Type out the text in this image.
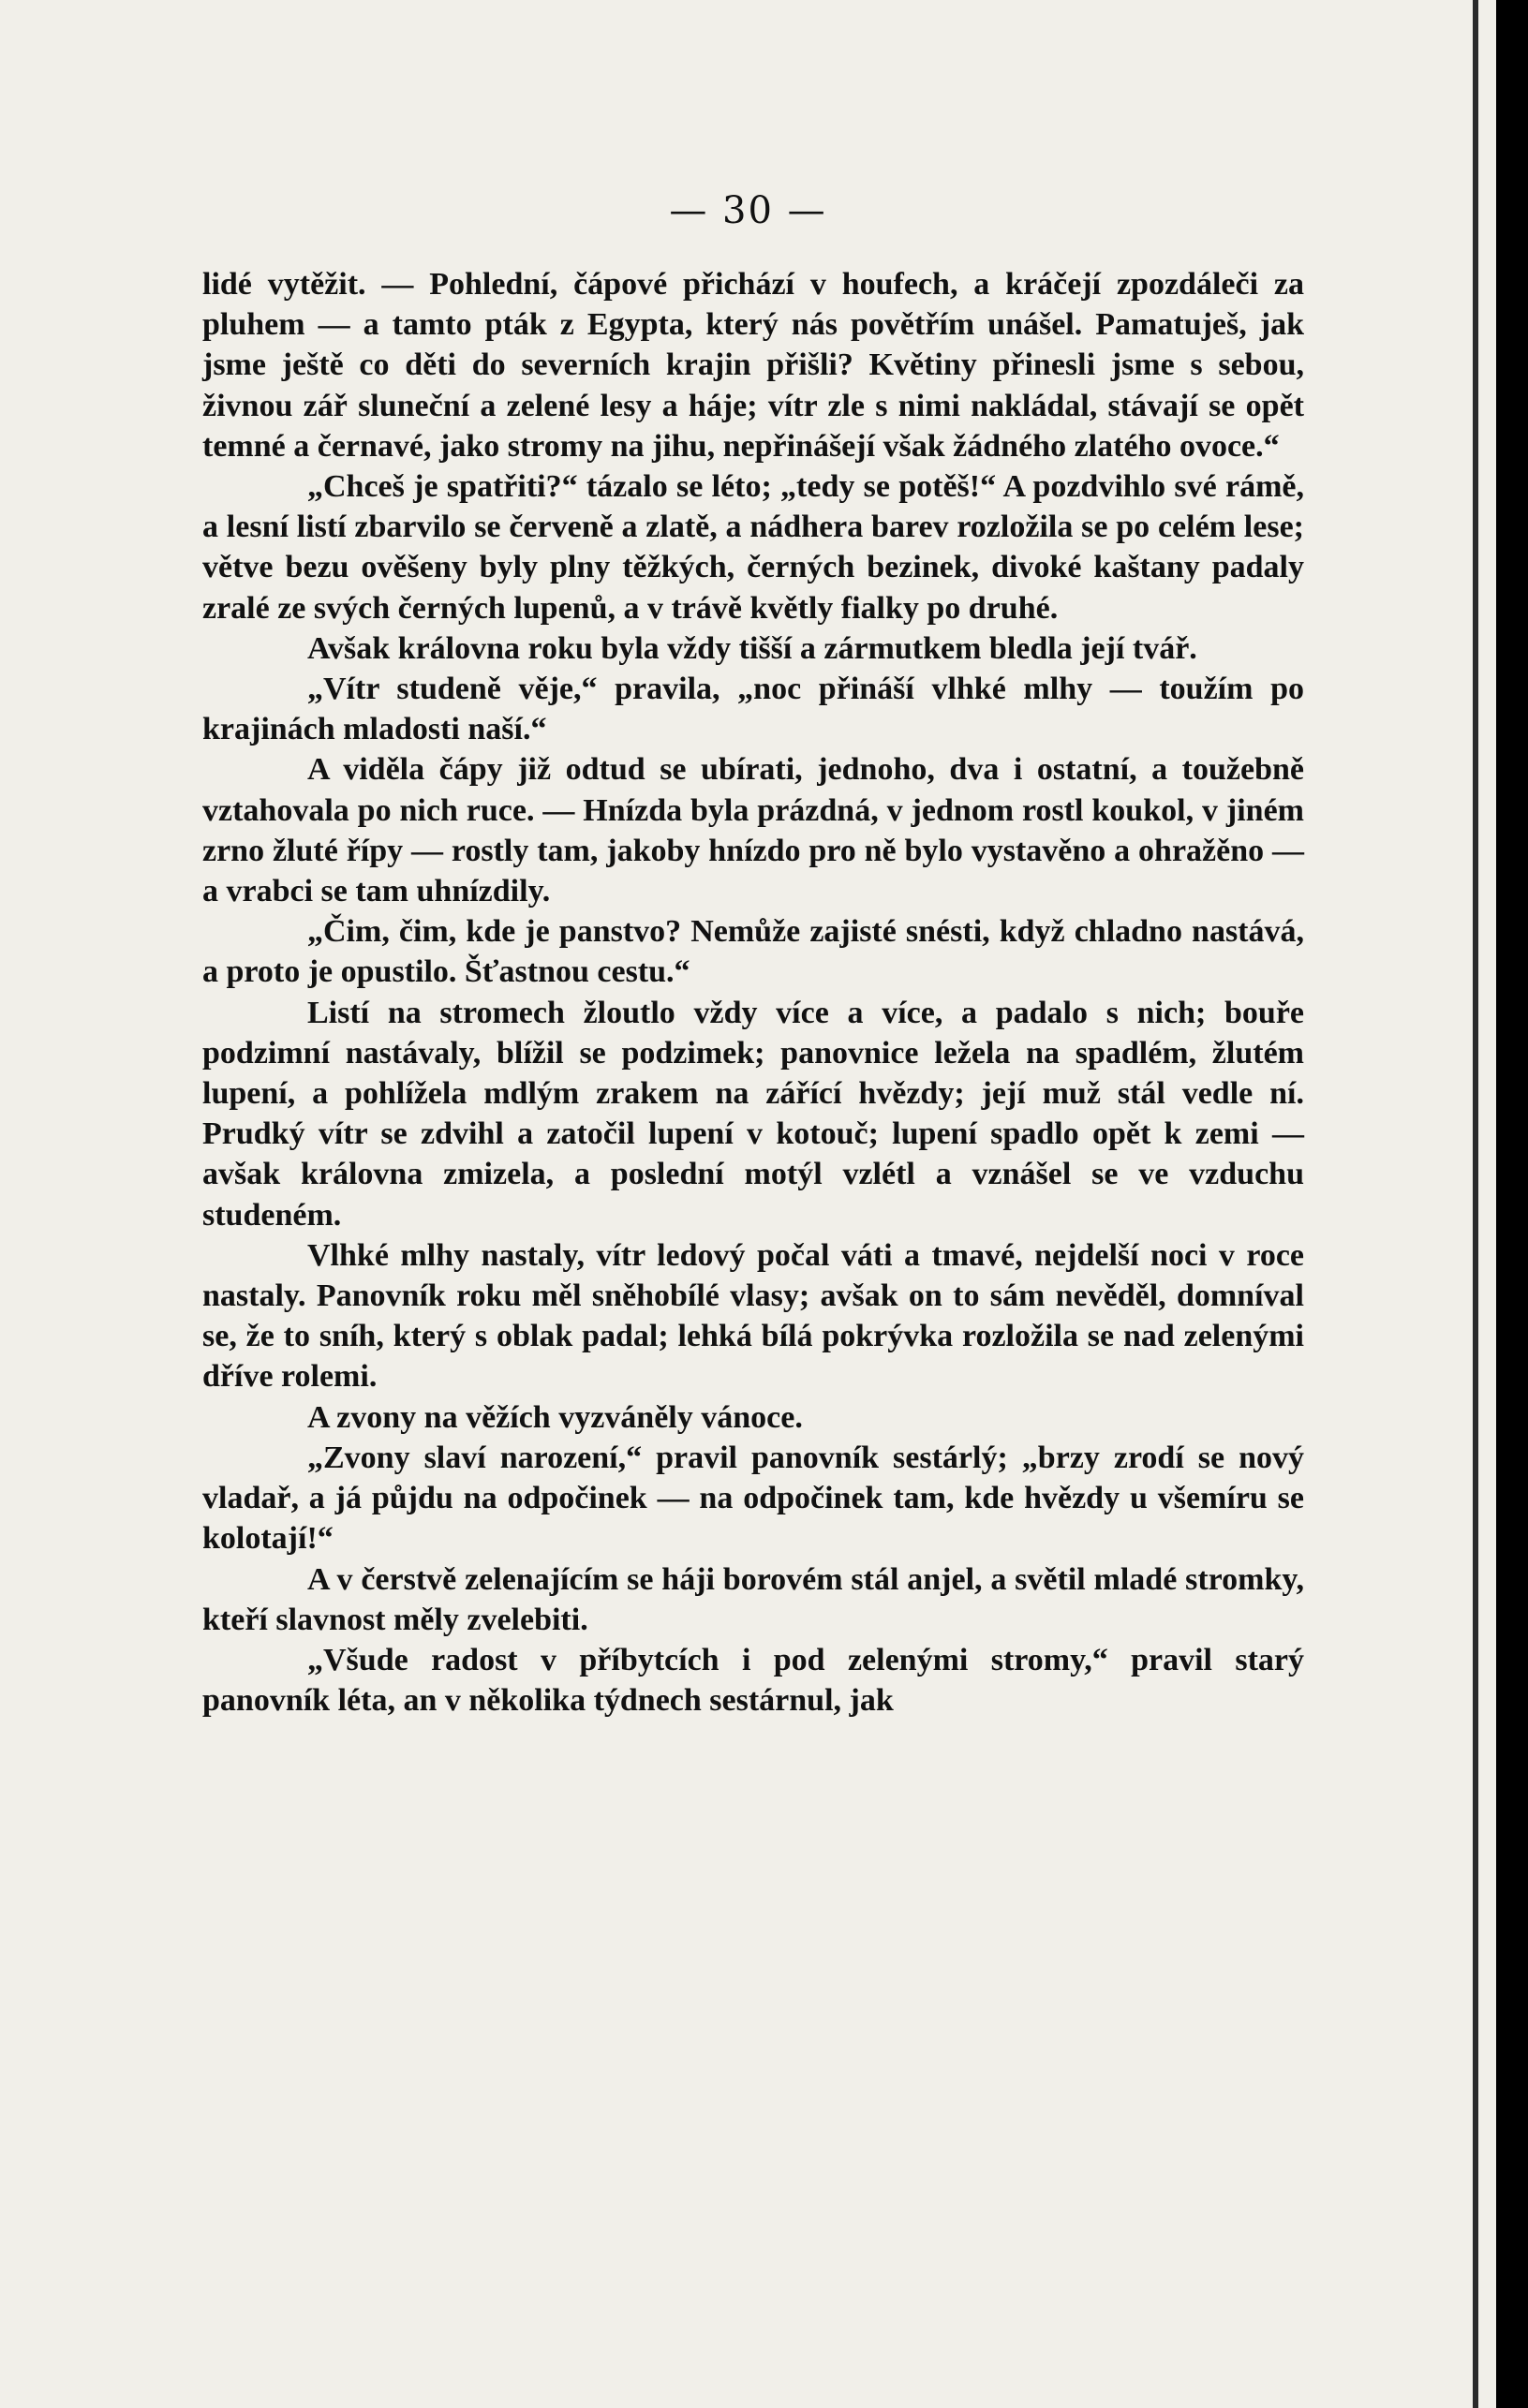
— 30 —

lidé vytěžit. — Pohlední, čápové přichází v houfech, a kráčejí zpozdáleči za pluhem — a tamto pták z Egypta, který nás povětřím unášel. Pamatuješ, jak jsme ještě co děti do severních krajin přišli? Květiny přinesli jsme s sebou, živnou zář sluneční a zelené lesy a háje; vítr zle s nimi nakládal, stávají se opět temné a černavé, jako stromy na jihu, nepřinášejí však žádného zlatého ovoce.“

„Chceš je spatřiti?“ tázalo se léto; „tedy se potěš!“ A pozdvihlo své rámě, a lesní listí zbarvilo se červeně a zlatě, a nádhera barev rozložila se po celém lese; větve bezu ověšeny byly plny těžkých, černých bezinek, divoké kaštany padaly zralé ze svých černých lupenů, a v trávě květly fialky po druhé.

Avšak královna roku byla vždy tišší a zármutkem bledla její tvář.

„Vítr studeně věje,“ pravila, „noc přináší vlhké mlhy — toužím po krajinách mladosti naší.“

A viděla čápy již odtud se ubírati, jednoho, dva i ostatní, a toužebně vztahovala po nich ruce. — Hnízda byla prázdná, v jednom rostl koukol, v jiném zrno žluté řípy — rostly tam, jakoby hnízdo pro ně bylo vystavěno a ohražěno — a vrabci se tam uhnízdily.

„Čim, čim, kde je panstvo? Nemůže zajisté snésti, když chladno nastává, a proto je opustilo. Šťastnou cestu.“

Listí na stromech žloutlo vždy více a více, a padalo s nich; bouře podzimní nastávaly, blížil se podzimek; panovnice ležela na spadlém, žlutém lupení, a pohlížela mdlým zrakem na zářící hvězdy; její muž stál vedle ní. Prudký vítr se zdvihl a zatočil lupení v kotouč; lupení spadlo opět k zemi — avšak královna zmizela, a poslední motýl vzlétl a vznášel se ve vzduchu studeném.

Vlhké mlhy nastaly, vítr ledový počal váti a tmavé, nejdelší noci v roce nastaly. Panovník roku měl sněhobílé vlasy; avšak on to sám nevěděl, domníval se, že to sníh, který s oblak padal; lehká bílá pokrývka rozložila se nad zelenými dříve rolemi.

A zvony na věžích vyzváněly vánoce.

„Zvony slaví narození,“ pravil panovník sestárlý; „brzy zrodí se nový vladař, a já půjdu na odpočinek — na odpočinek tam, kde hvězdy u všemíru se kolotají!“

A v čerstvě zelenajícím se háji borovém stál anjel, a světil mladé stromky, kteří slavnost měly zvelebiti.

„Všude radost v příbytcích i pod zelenými stromy,“ pravil starý panovník léta, an v několika týdnech sestárnul, jak
